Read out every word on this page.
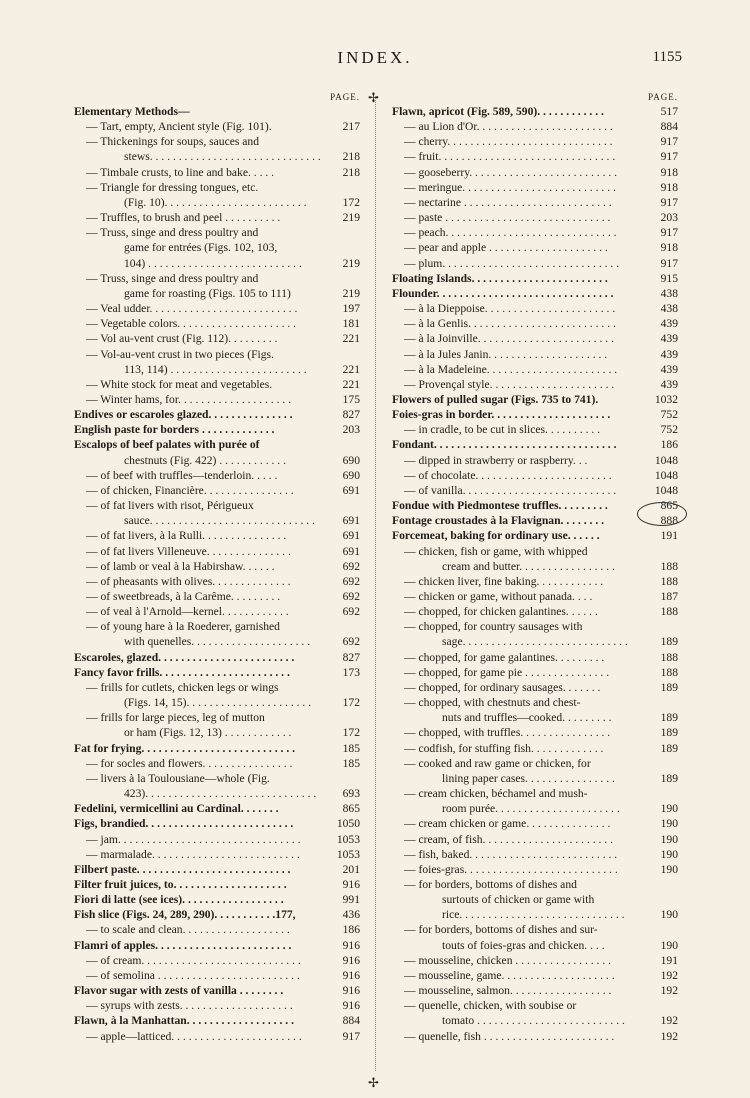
INDEX.	1155
✢
✢
PAGE.
Elementary Methods—
— Tart, empty, Ancient style (Fig. 101).	217
— Thickenings for soups, sauces and
stews. . . . . . . . . . . . . . . . . . . . . . . . . . . . . . 218
— Timbale crusts, to line and bake. . . . .	218
— Triangle for dressing tongues, etc.
(Fig. 10). . . . . . . . . . . . . . . . . . . . . . . . .	172
— Truffles, to brush and peel . . . . . . . . . .	219
— Truss, singe and dress poultry and
game for entrées (Figs. 102, 103,
104) . . . . . . . . . . . . . . . . . . . . . . . . . . .	219
— Truss, singe and dress poultry and
game for roasting (Figs. 105 to 111)	219
— Veal udder. . . . . . . . . . . . . . . . . . . . . . . . . .	197
— Vegetable colors. . . . . . . . . . . . . . . . . . . . .	181
— Vol au-vent crust (Fig. 112). . . . . . . . .	221
— Vol-au-vent crust in two pieces (Figs.
113, 114) . . . . . . . . . . . . . . . . . . . . . . . .	221
— White stock for meat and vegetables.	221
— Winter hams, for. . . . . . . . . . . . . . . . . . . .	175
Endives or escaroles glazed. . . . . . . . . . . . . . .	827
English paste for borders . . . . . . . . . . . . .	203
Escalops of beef palates with purée of
chestnuts (Fig. 422) . . . . . . . . . . . .	690
— of beef with truffles—tenderloin. . . . .	690
— of chicken, Financière. . . . . . . . . . . . . . . .	691
— of fat livers with risot, Périgueux
sauce. . . . . . . . . . . . . . . . . . . . . . . . . . . . . 691
— of fat livers, à la Rulli. . . . . . . . . . . . . . .	691
— of fat livers Villeneuve. . . . . . . . . . . . . . .	691
— of lamb or veal à la Habirshaw. . . . . .	692
— of pheasants with olives. . . . . . . . . . . . . .	692
— of sweetbreads, à la Carême. . . . . . . . .	692
— of veal à l'Arnold—kernel. . . . . . . . . . . .	692
— of young hare à la Roederer, garnished
with quenelles. . . . . . . . . . . . . . . . . . . . .	692
Escaroles, glazed. . . . . . . . . . . . . . . . . . . . . . . .	827
Fancy favor frills. . . . . . . . . . . . . . . . . . . . . . .	173
— frills for cutlets, chicken legs or wings
(Figs. 14, 15). . . . . . . . . . . . . . . . . . . . . .	172
— frills for large pieces, leg of mutton
or ham (Figs. 12, 13) . . . . . . . . . . . .	172
Fat for frying. . . . . . . . . . . . . . . . . . . . . . . . . . .	185
— for socles and flowers. . . . . . . . . . . . . . . .	185
— livers à la Toulousiane—whole (Fig.
423). . . . . . . . . . . . . . . . . . . . . . . . . . . . . . 693
Fedelini, vermicellini au Cardinal. . . . . . .	865
Figs, brandied. . . . . . . . . . . . . . . . . . . . . . . . . .	1050
— jam. . . . . . . . . . . . . . . . . . . . . . . . . . . . . . . .	1053
— marmalade. . . . . . . . . . . . . . . . . . . . . . . . . .	1053
Filbert paste. . . . . . . . . . . . . . . . . . . . . . . . . . .	201
Filter fruit juices, to. . . . . . . . . . . . . . . . . . . .	916
Fiori di latte (see ices). . . . . . . . . . . . . . . . . .	991
Fish slice (Figs. 24, 289, 290). . . . . . . . . . .177,	436
— to scale and clean. . . . . . . . . . . . . . . . . . .	186
Flamri of apples. . . . . . . . . . . . . . . . . . . . . . . .	916
— of cream. . . . . . . . . . . . . . . . . . . . . . . . . . . .	916
— of semolina . . . . . . . . . . . . . . . . . . . . . . . . .	916
Flavor sugar with zests of vanilla . . . . . . . .	916
— syrups with zests. . . . . . . . . . . . . . . . . . . .	916
Flawn, à la Manhattan. . . . . . . . . . . . . . . . . . .	884
— apple—latticed. . . . . . . . . . . . . . . . . . . . . . .	917
PAGE.
Flawn, apricot (Fig. 589, 590). . . . . . . . . . . .	517
— au Lion d'Or. . . . . . . . . . . . . . . . . . . . . . . .	884
— cherry. . . . . . . . . . . . . . . . . . . . . . . . . . . . .	917
— fruit. . . . . . . . . . . . . . . . . . . . . . . . . . . . . . .	917
— gooseberry. . . . . . . . . . . . . . . . . . . . . . . . . .	918
— meringue. . . . . . . . . . . . . . . . . . . . . . . . . . .	918
— nectarine . . . . . . . . . . . . . . . . . . . . . . . . . .	917
— paste . . . . . . . . . . . . . . . . . . . . . . . . . . . . .	203
— peach. . . . . . . . . . . . . . . . . . . . . . . . . . . . . .	917
— pear and apple . . . . . . . . . . . . . . . . . . . . .	918
— plum. . . . . . . . . . . . . . . . . . . . . . . . . . . . . . .	917
Floating Islands. . . . . . . . . . . . . . . . . . . . . . . .	915
Flounder. . . . . . . . . . . . . . . . . . . . . . . . . . . . . . .	438
— à la Dieppoise. . . . . . . . . . . . . . . . . . . . . . .	438
— à la Genlis. . . . . . . . . . . . . . . . . . . . . . . . . .	439
— à la Joinville. . . . . . . . . . . . . . . . . . . . . . . .	439
— à la Jules Janin. . . . . . . . . . . . . . . . . . . . .	439
— à la Madeleine. . . . . . . . . . . . . . . . . . . . . . .	439
— Provençal style. . . . . . . . . . . . . . . . . . . . . .	439
Flowers of pulled sugar (Figs. 735 to 741).	1032
Foies-gras in border. . . . . . . . . . . . . . . . . . . . .	752
— in cradle, to be cut in slices. . . . . . . . . .	752
Fondant. . . . . . . . . . . . . . . . . . . . . . . . . . . . . . . .	186
— dipped in strawberry or raspberry. . .	1048
— of chocolate. . . . . . . . . . . . . . . . . . . . . . . .	1048
— of vanilla. . . . . . . . . . . . . . . . . . . . . . . . . . .	1048
Fondue with Piedmontese truffles. . . . . . . . .	865
Fontage croustades à la Flavignan. . . . . . . .	888
Forcemeat, baking for ordinary use. . . . . .	191
— chicken, fish or game, with whipped
cream and butter. . . . . . . . . . . . . . . . .	188
— chicken liver, fine baking. . . . . . . . . . . .	188
— chicken or game, without panada. . . .	187
— chopped, for chicken galantines. . . . . .	188
— chopped, for country sausages with
sage. . . . . . . . . . . . . . . . . . . . . . . . . . . . .	189
— chopped, for game galantines. . . . . . . . .	188
— chopped, for game pie . . . . . . . . . . . . . . .	188
— chopped, for ordinary sausages. . . . . . .	189
— chopped, with chestnuts and chest-
nuts and truffles—cooked. . . . . . . . .	189
— chopped, with truffles. . . . . . . . . . . . . . . .	189
— codfish, for stuffing fish. . . . . . . . . . . . .	189
— cooked and raw game or chicken, for
lining paper cases. . . . . . . . . . . . . . . .	189
— cream chicken, béchamel and mush-
room purée. . . . . . . . . . . . . . . . . . . . . .	190
— cream chicken or game. . . . . . . . . . . . . . .	190
— cream, of fish. . . . . . . . . . . . . . . . . . . . . . .	190
— fish, baked. . . . . . . . . . . . . . . . . . . . . . . . . .	190
— foies-gras. . . . . . . . . . . . . . . . . . . . . . . . . . .	190
— for borders, bottoms of dishes and
surtouts of chicken or game with
rice. . . . . . . . . . . . . . . . . . . . . . . . . . . . .	190
— for borders, bottoms of dishes and sur-
touts of foies-gras and chicken. . . .	190
— mousseline, chicken . . . . . . . . . . . . . . . . .	191
— mousseline, game. . . . . . . . . . . . . . . . . . . .	192
— mousseline, salmon. . . . . . . . . . . . . . . . . .	192
— quenelle, chicken, with soubise or
tomato . . . . . . . . . . . . . . . . . . . . . . . . . .	192
— quenelle, fish . . . . . . . . . . . . . . . . . . . . . . .	192
